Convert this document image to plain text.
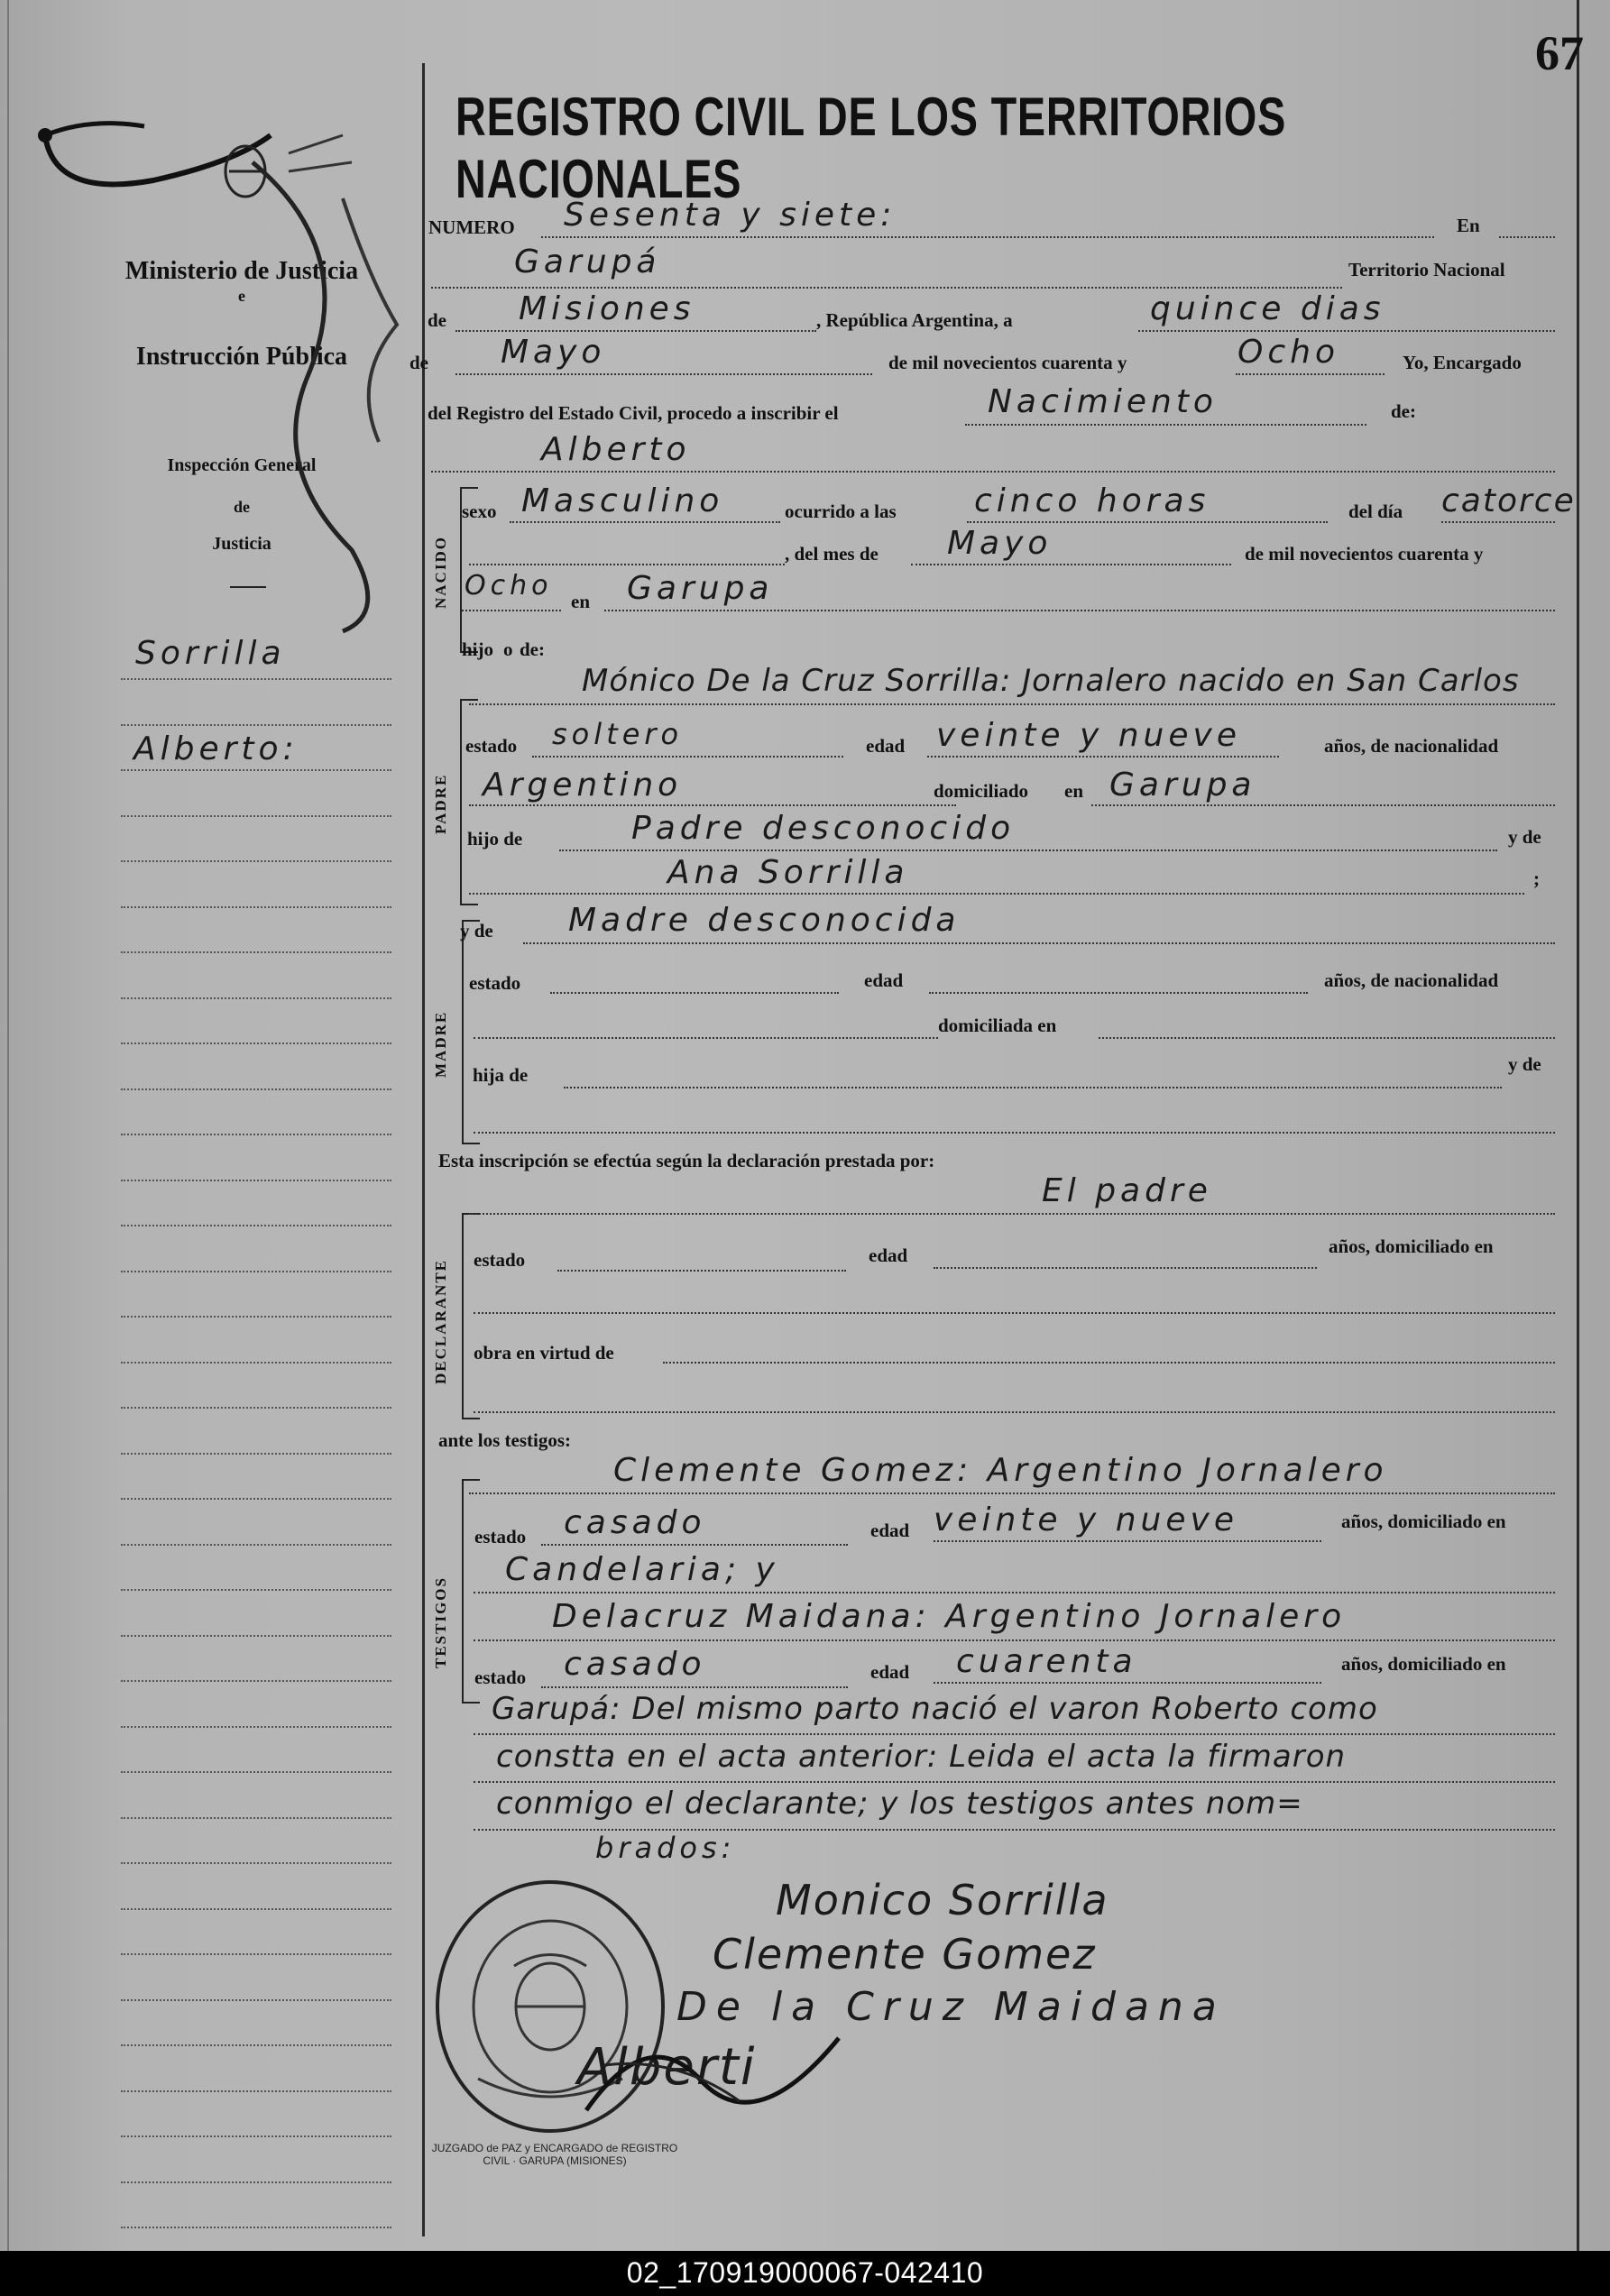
67
REGISTRO CIVIL DE LOS TERRITORIOS NACIONALES
Ministerio de Justicia
e
Instrucción Pública
Inspección General
de
Justicia
Sorrilla
Alberto:
NACIDO
PADRE
MADRE
DECLARANTE
TESTIGOS
NUMERO Sesenta y siete:	En
Garupá	Territorio Nacional
de Misiones	, República Argentina, a	quince dias
de Mayo	de mil novecientos cuarenta y	Ocho	Yo, Encargado
del Registro del Estado Civil, procedo a inscribir el	Nacimiento	de:
Alberto
sexo Masculino	ocurrido a las cinco horas	del día catorce
, del mes de Mayo	de mil novecientos cuarenta y
Ocho en Garupa
hijo o de:
Mónico De la Cruz Sorrilla: Jornalero nacido en San Carlos
estado soltero	edad veinte y nueve	años, de nacionalidad
Argentino	domiciliado en Garupa
hijo de	Padre desconocido	y de
Ana Sorrilla	;
y de Madre desconocida
estado	edad	años, de nacionalidad
domiciliada en
hija de	y de
Esta inscripción se efectúa según la declaración prestada por:
El padre
estado	edad	años, domiciliado en
obra en virtud de
ante los testigos:
Clemente Gomez: Argentino Jornalero
estado casado	edad veinte y nueve	años, domiciliado en
Candelaria; y
Delacruz Maidana: Argentino Jornalero
estado casado	edad cuarenta	años, domiciliado en
Garupá: Del mismo parto nació el varon Roberto como
constta en el acta anterior: Leida el acta la firmaron
conmigo el declarante; y los testigos antes nom=
brados:
JUZGADO de PAZ y ENCARGADO de REGISTRO CIVIL · GARUPA (MISIONES)
Monico Sorrilla
Clemente Gomez
De la Cruz Maidana
Alberti
02_170919000067-042410
